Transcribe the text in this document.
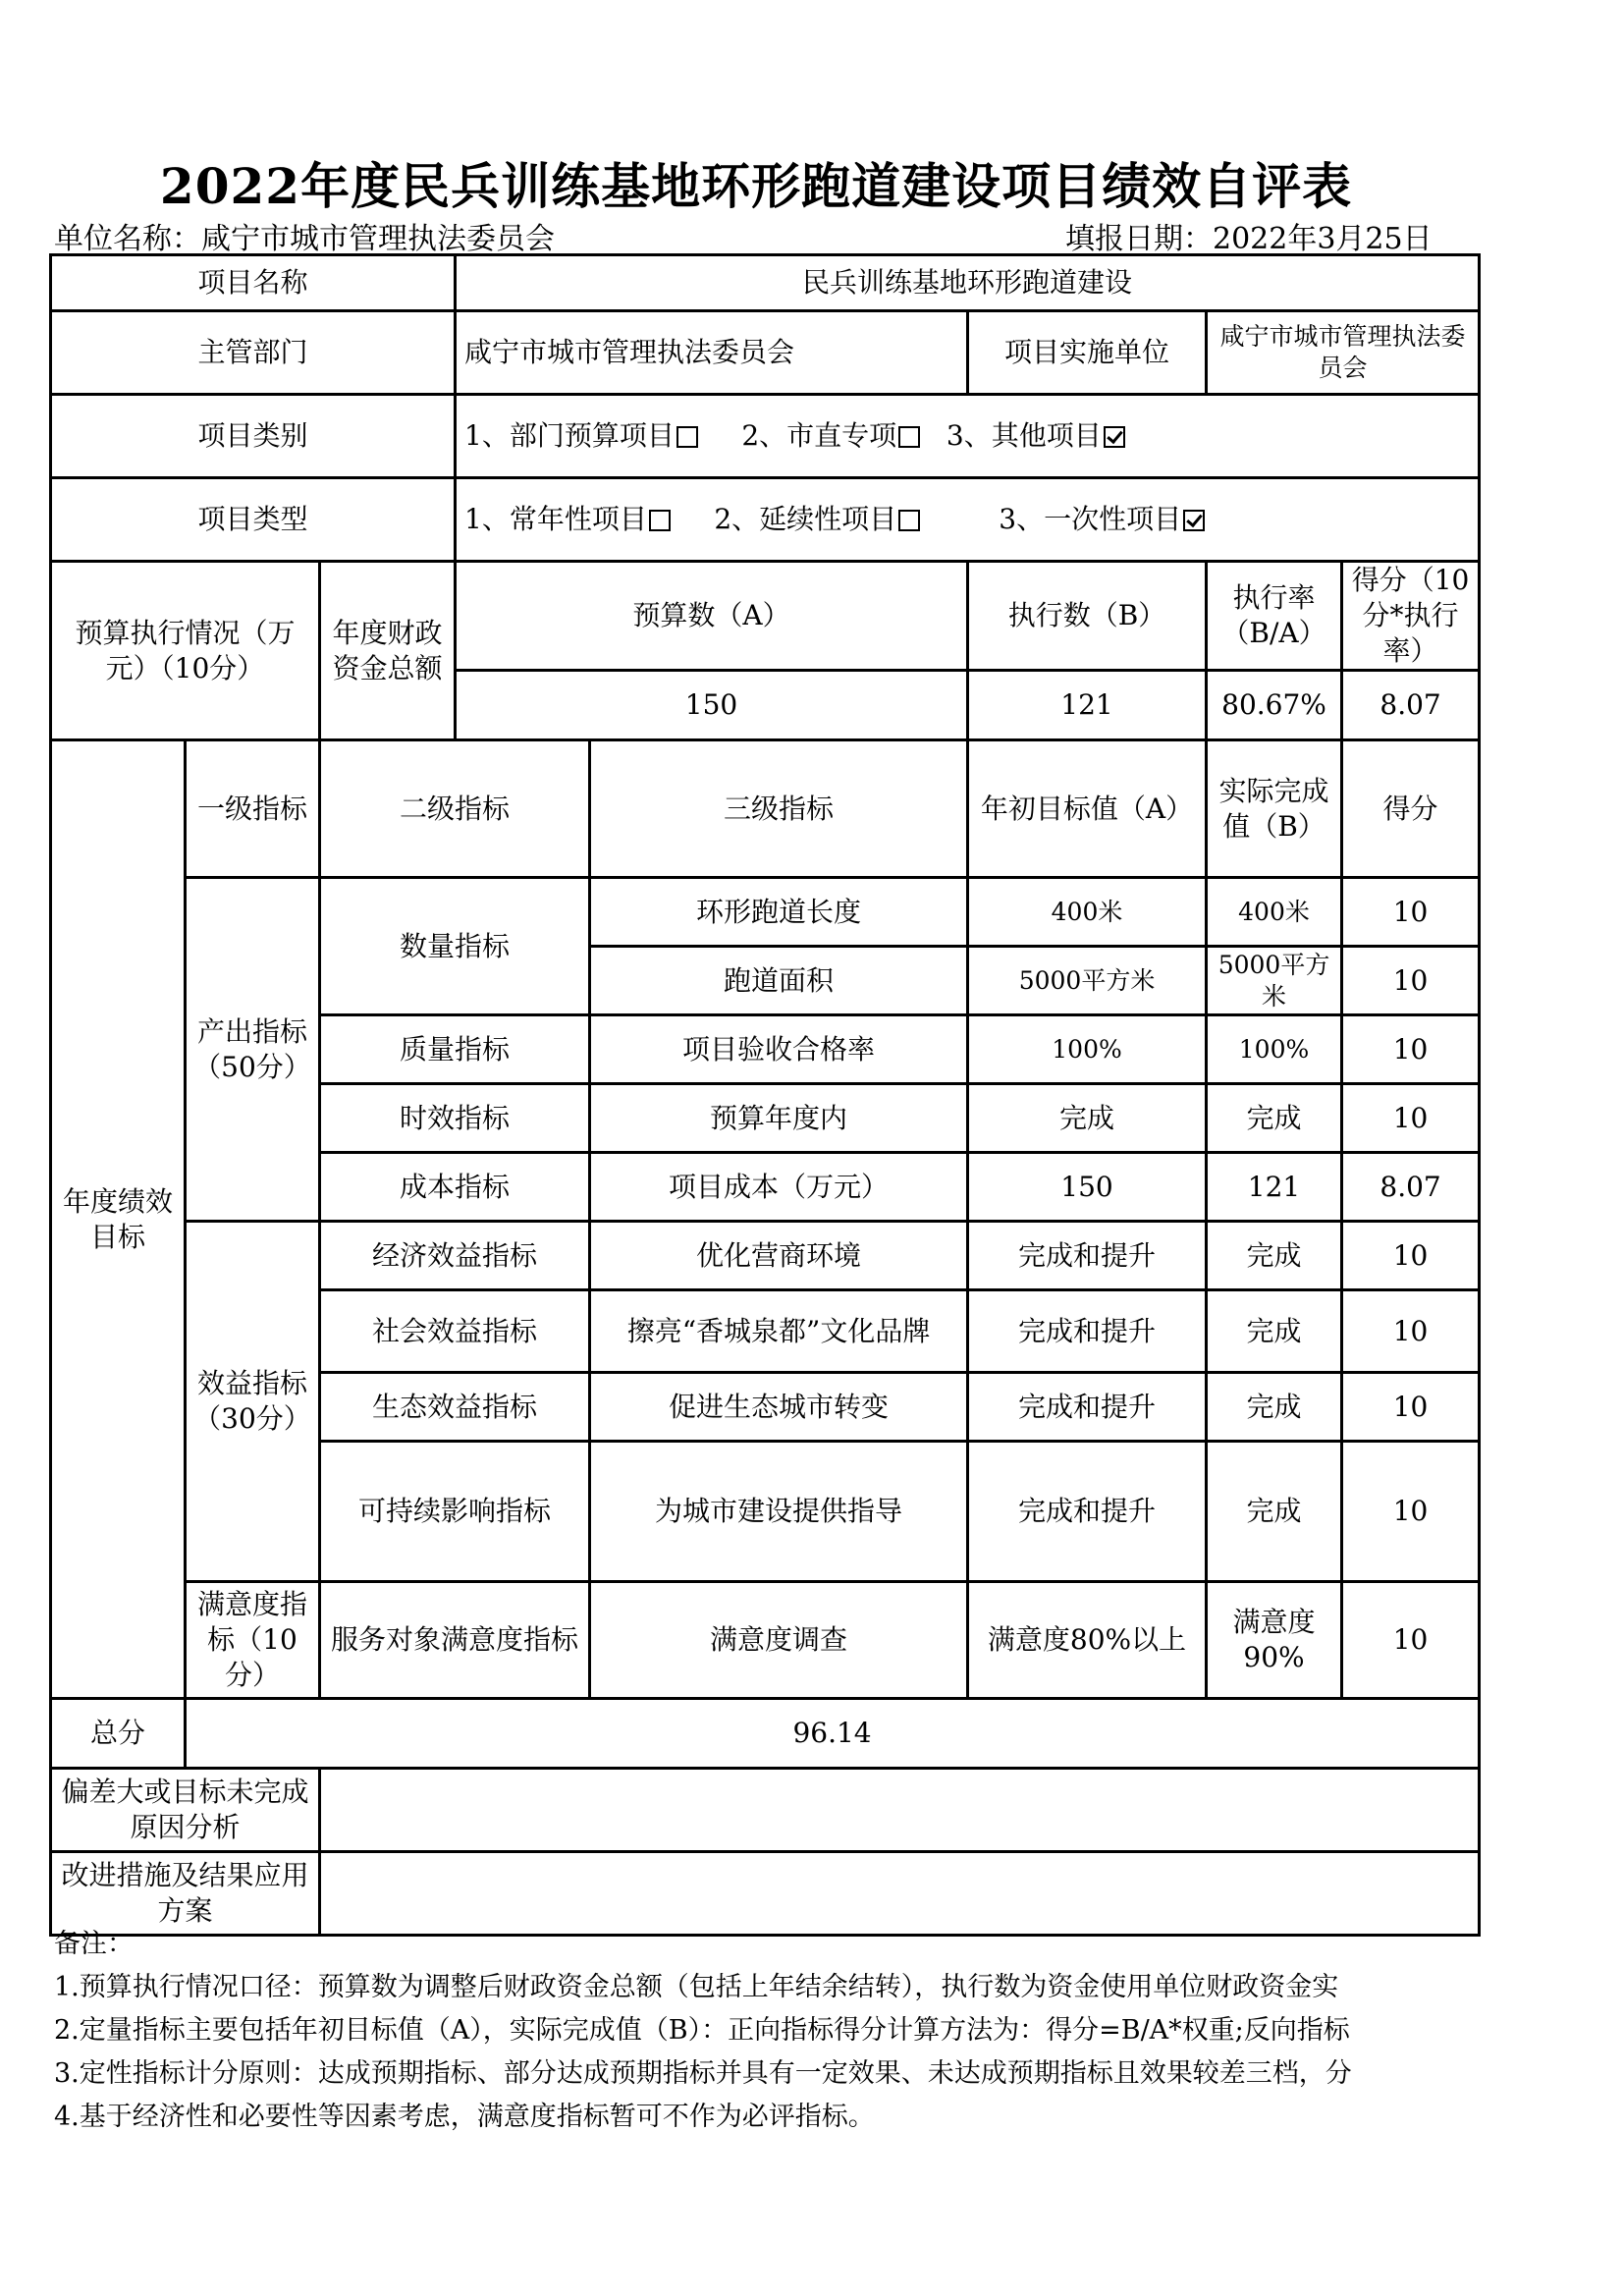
2022年度民兵训练基地环形跑道建设项目绩效自评表
单位名称：咸宁市城市管理执法委员会	填报日期：2022年3月25日
项目名称			民兵训练基地环形跑道建设				
主管部门			咸宁市城市管理执法委员会		项目实施单位	咸宁市城市管理执法委员会	
项目类别			1、部门预算项目 2、市直专项 3、其他项目				
项目类型			1、常年性项目 2、延续性项目 3、一次性项目				
预算执行情况（万元）（10分）		年度财政资金总额	预算数（A）		执行数（B）	执行率（B/A）	得分（10分*执行率）
			150		121	80.67%	8.07
年度绩效目标	一级指标	二级指标		三级指标	年初目标值（A）	实际完成值（B）	得分
	产出指标（50分）	数量指标		环形跑道长度	400米	400米	10
				跑道面积	5000平方米	5000平方米	10
		质量指标		项目验收合格率	100%	100%	10
		时效指标		预算年度内	完成	完成	10
		成本指标		项目成本（万元）	150	121	8.07
	效益指标（30分）	经济效益指标		优化营商环境	完成和提升	完成	10
		社会效益指标		擦亮“香城泉都”文化品牌	完成和提升	完成	10
		生态效益指标		促进生态城市转变	完成和提升	完成	10
		可持续影响指标		为城市建设提供指导	完成和提升	完成	10
	满意度指 标（10分）	服务对象满意度指标		满意度调查	满意度80%以上	满意度90%	10
总分	96.14						
偏差大或目标未完成原因分析							
改进措施及结果应用方案							
备注：
1.预算执行情况口径：预算数为调整后财政资金总额（包括上年结余结转），执行数为资金使用单位财政资金实
2.定量指标主要包括年初目标值（A），实际完成值（B）：正向指标得分计算方法为：得分=B/A*权重;反向指标
3.定性指标计分原则：达成预期指标、部分达成预期指标并具有一定效果、未达成预期指标且效果较差三档，分
4.基于经济性和必要性等因素考虑，满意度指标暂可不作为必评指标。
